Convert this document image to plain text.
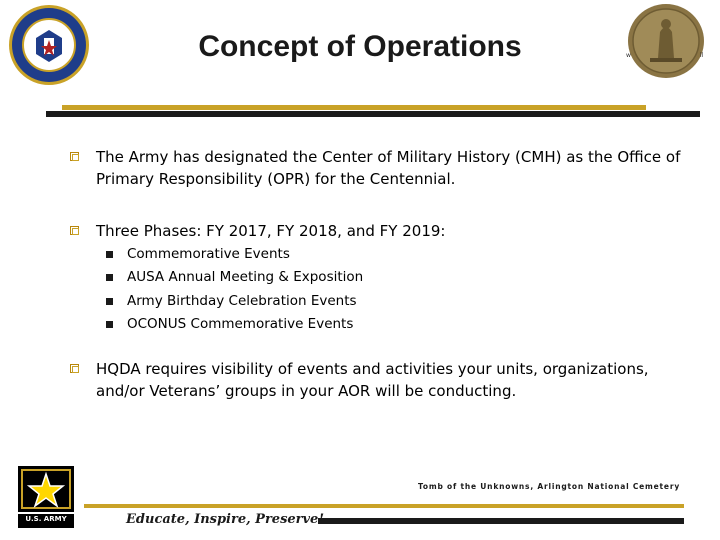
Concept of Operations	w	ll
The Army has designated the Center of Military History (CMH) as the Office of Primary Responsibility (OPR) for the Centennial.
Three Phases: FY 2017, FY 2018, and FY 2019:
Commemorative Events
AUSA Annual Meeting & Exposition
Army Birthday Celebration Events
OCONUS Commemorative Events
HQDA requires visibility of events and activities your units, organizations, and/or Veterans’ groups in your AOR will be conducting.
U.S. ARMY
Tomb of the Unknowns, Arlington National Cemetery
Educate, Inspire, Preserve!
